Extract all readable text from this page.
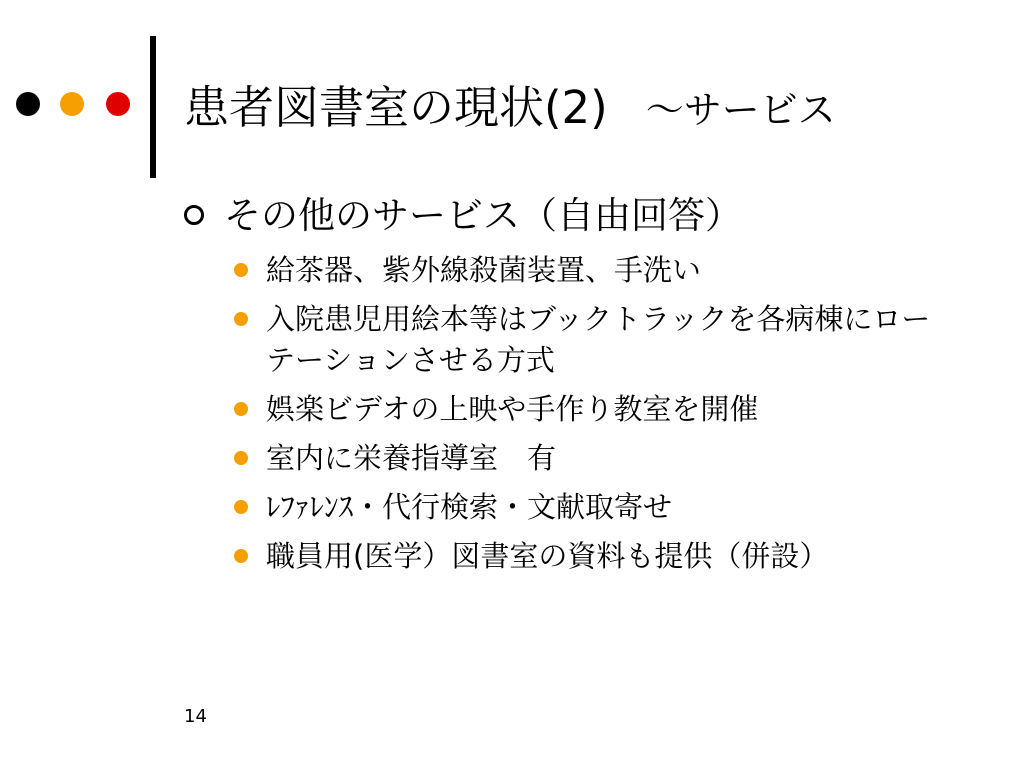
患者図書室の現状(2) ～サービス
その他のサービス（自由回答）
給茶器、紫外線殺菌装置、手洗い
入院患児用絵本等はブックトラックを各病棟にローテーションさせる方式
娯楽ビデオの上映や手作り教室を開催
室内に栄養指導室　有
ﾚﾌｧﾚﾝｽ・代行検索・文献取寄せ
職員用(医学）図書室の資料も提供（併設）
14
